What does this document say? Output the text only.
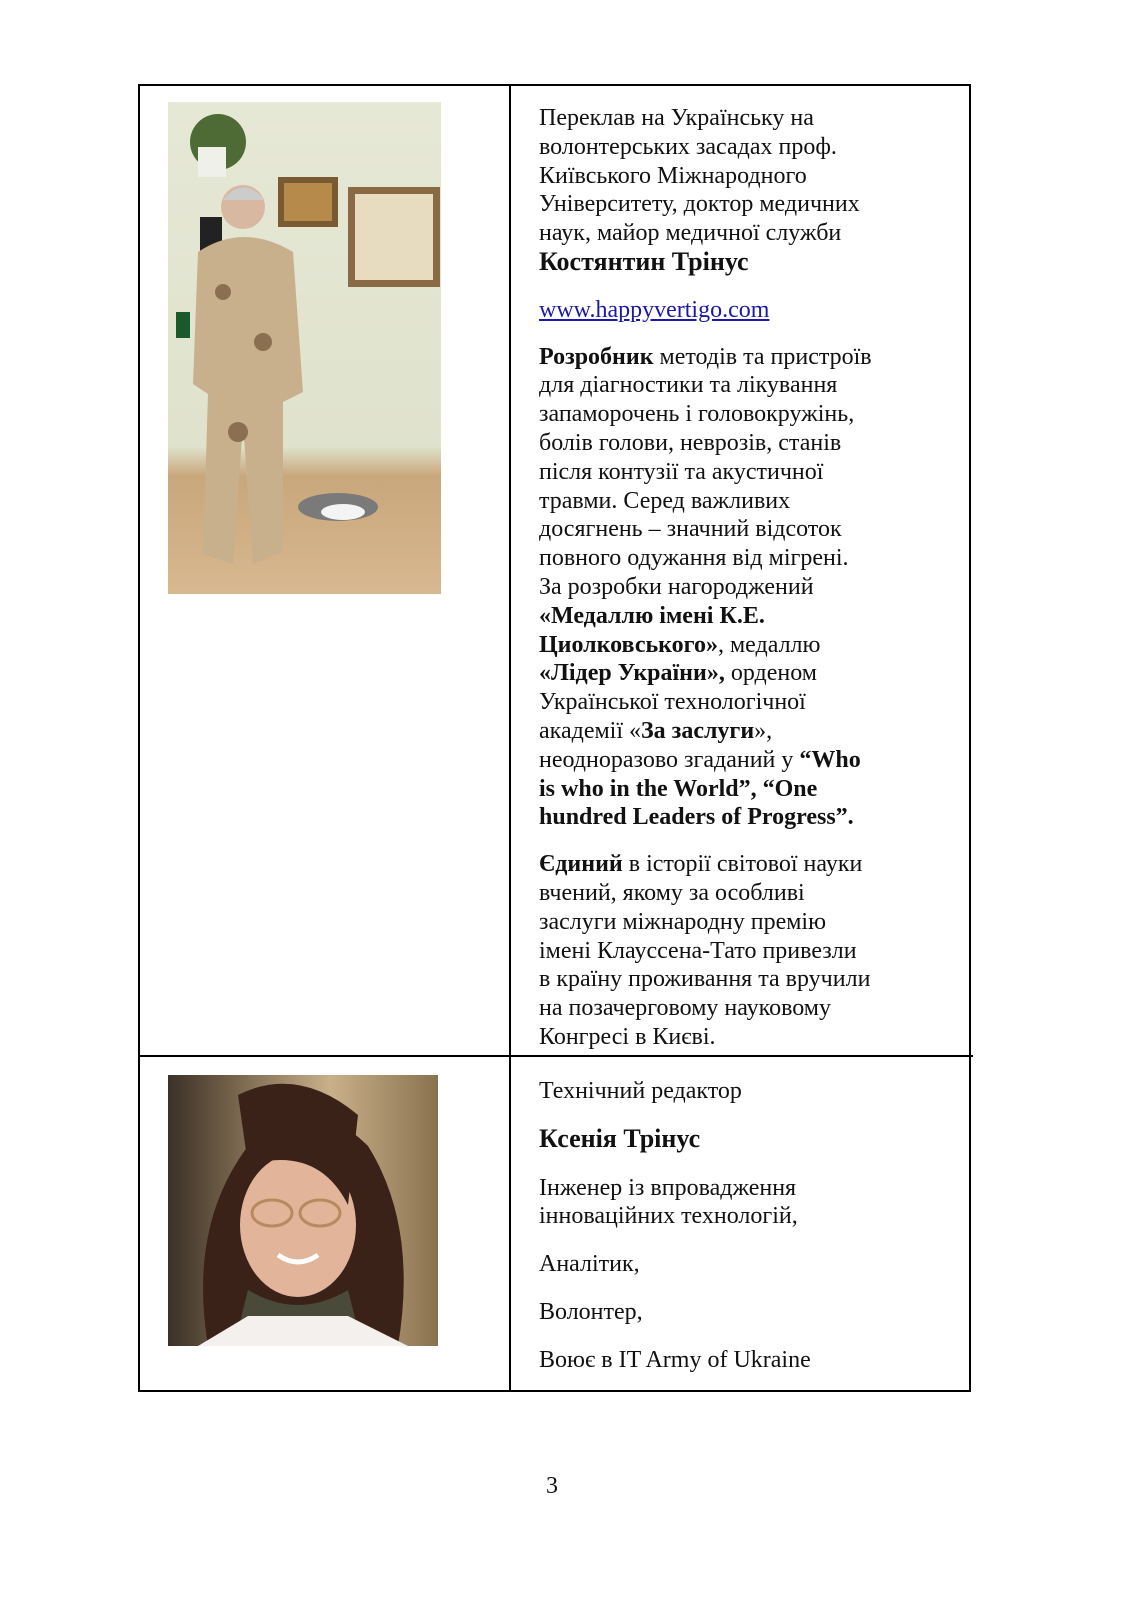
Переклав на Українську на
волонтерських засадах проф.
Київського Міжнародного
Університету, доктор медичних
наук, майор медичної служби
Костянтин Трінус
www.happyvertigo.com
Розробник методів та пристроїв
для діагностики та лікування
запаморочень і головокружінь,
болів голови, неврозів, станів
після контузії та акустичної
травми. Серед важливих
досягнень – значний відсоток
повного одужання від мігрені.
За розробки нагороджений
«Медаллю імені К.Е.
Циолковського», медаллю
«Лідер України», орденом
Української технологічної
академії «За заслуги»,
неодноразово згаданий у “Who
is who in the World”, “One
hundred Leaders of Progress”.
Єдиний в історії світової науки
вчений, якому за особливі
заслуги міжнародну премію
імені Клауссена-Тато привезли
в країну проживання та вручили
на позачерговому науковому
Конгресі в Києві.
Технічний редактор
Ксенія Трінус
Інженер із впровадження
інноваційних технологій,
Аналітик,
Волонтер,
Воює в IT Army of Ukraine
3
